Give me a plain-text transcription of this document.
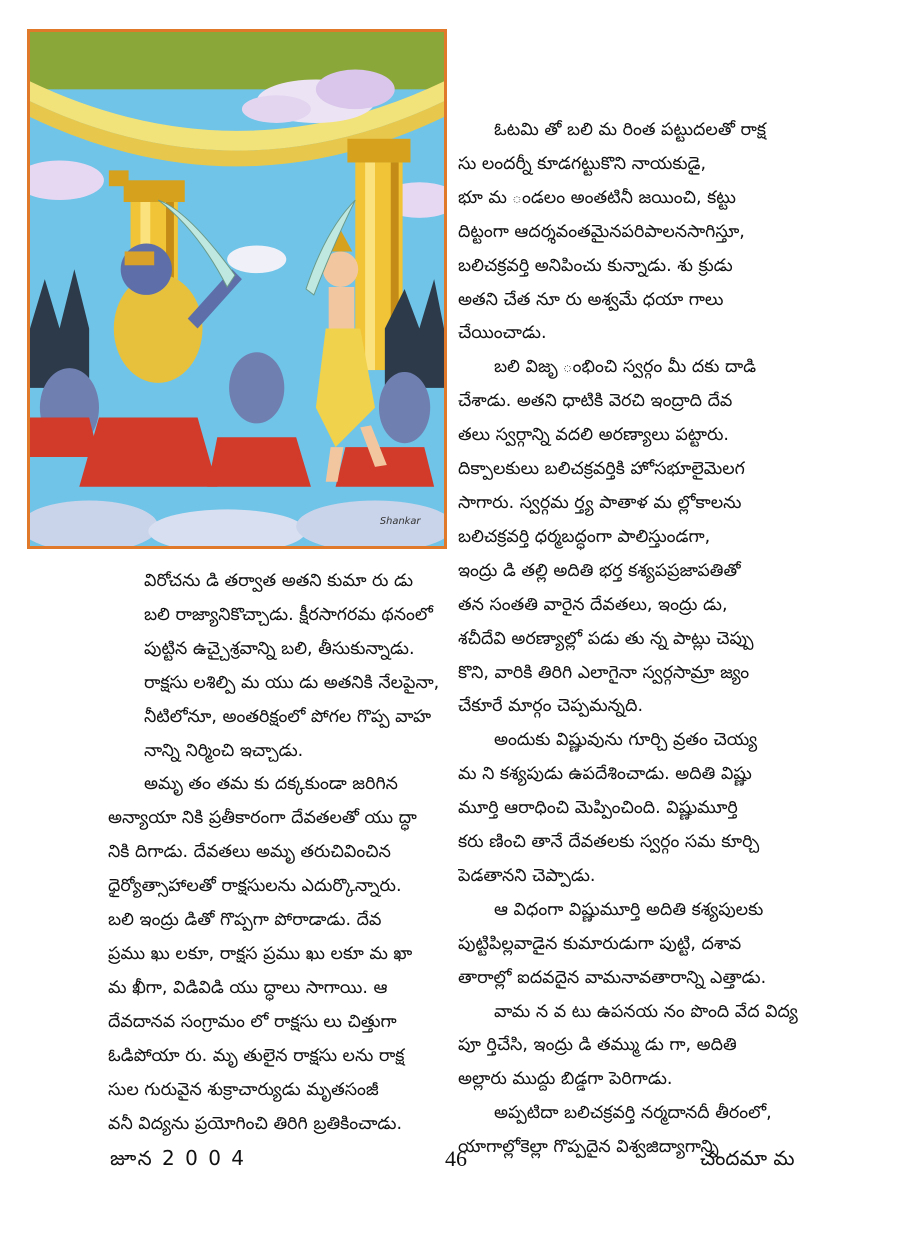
Shankar

విరోచను డి తర్వాత అతని కుమా రు డు
బలి రాజ్యానికొచ్చాడు. క్షీరసాగరమ థనంలో
పుట్టిన ఉచ్చైశ్రవాన్ని బలి, తీసుకున్నాడు.
రాక్షసు లశిల్పి మ యు డు అతనికి నేలపైనా,
నీటిలోనూ, అంతరిక్షంలో పోగల గొప్ప వాహ
నాన్ని నిర్మించి ఇచ్చాడు.

అమృ తం తమ కు దక్కకుండా జరిగిన
అన్యాయా నికి ప్రతీకారంగా దేవతలతో యు ద్ధా
నికి దిగాడు. దేవతలు అమృ తరుచివించిన
ధైర్యోత్సాహాలతో రాక్షసులను ఎదుర్కొన్నారు.
బలి ఇంద్రు డితో గొప్పగా పోరాడాడు. దేవ
ప్రము ఖు లకూ, రాక్షస ప్రము ఖు లకూ మ ఖా
మ ఖీగా, విడివిడి యు ద్ధాలు సాగాయి. ఆ
దేవదానవ సంగ్రామం లో రాక్షసు లు చిత్తుగా
ఓడిపోయా రు. మృ తులైన రాక్షసు లను రాక్ష
సుల గురువైన శుక్రాచార్యుడు మృతసంజీ
వనీ విద్యను ప్రయోగించి తిరిగి బ్రతికించాడు.

ఓటమి తో బలి మ రింత పట్టుదలతో రాక్ష
సు లందర్నీ కూడగట్టుకొని నాయకుడై,
భూ మ ండలం అంతటినీ జయించి, కట్టు
దిట్టంగా ఆదర్శవంతమైనపరిపాలనసాగిస్తూ,
బలిచక్రవర్తి అనిపించు కున్నాడు. శు క్రుడు
అతని చేత నూ రు అశ్వమే ధయా గాలు
చేయించాడు.

బలి విజృ ంభించి స్వర్గం మీ దకు దాడి
చేశాడు. అతని ధాటికి వెరచి ఇంద్రాది దేవ
తలు స్వర్గాన్ని వదలి అరణ్యాలు పట్టారు.
దిక్పాలకులు బలిచక్రవర్తికి హోసభూలైమెలగ
సాగారు. స్వర్గమ ర్త్య పాతాళ మ ల్లోకాలను
బలిచక్రవర్తి ధర్మబద్ధంగా పాలిస్తుండగా,
ఇంద్రు డి తల్లి అదితి భర్త కశ్యపప్రజాపతితో
తన సంతతి వారైన దేవతలు, ఇంద్రు డు,
శచీదేవి అరణ్యాల్లో పడు తు న్న పాట్లు చెప్పు
కొని, వారికి తిరిగి ఎలాగైనా స్వర్గసామ్రా జ్యం
చేకూరే మార్గం చెప్పమన్నది.

అందుకు విష్ణువును గూర్చి వ్రతం చెయ్య
మ ని కశ్యపుడు ఉపదేశించాడు. అదితి విష్ణు
మూర్తి ఆరాధించి మెప్పించింది. విష్ణుమూర్తి
కరు ణించి తానే దేవతలకు స్వర్గం సమ కూర్చి
పెడతానని చెప్పాడు.

ఆ విధంగా విష్ణుమూర్తి అదితి కశ్యపులకు
పుట్టిపిల్లవాడైన కుమారుడుగా పుట్టి, దశావ
తారాల్లో ఐదవదైన వామనావతారాన్ని ఎత్తాడు.

వామ న వ టు ఉపనయ నం పొంది వేద విద్య
పూ ర్తిచేసి, ఇంద్రు డి తమ్ము డు గా, అదితి
అల్లారు ముద్దు బిడ్డగా పెరిగాడు.

అప్పటిదా బలిచక్రవర్తి నర్మదానదీ తీరంలో,
యాగాల్లోకెల్లా గొప్పదైన విశ్వజిద్యాగాన్ని

జూన 2 0 0 4	46	చందమా మ
